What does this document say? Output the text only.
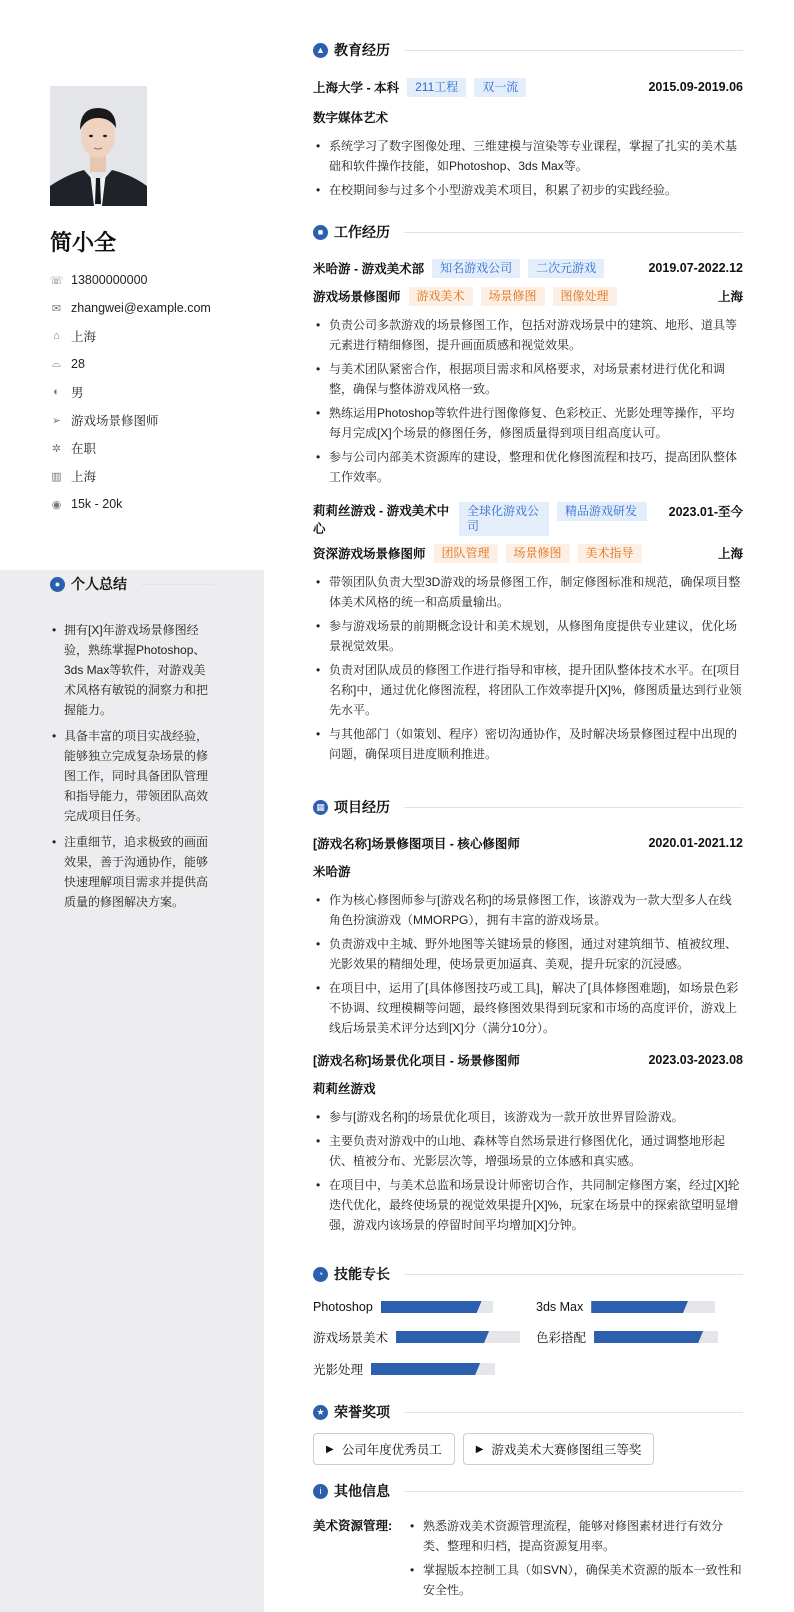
简小全
☏ 13800000000
✉ zhangwei@example.com
⌂ 上海
⌓ 28
◐ 男
➢ 游戏场景修图师
✲ 在职
▥ 上海
◉ 15k - 20k
● 个人总结
• 拥有[X]年游戏场景修图经验，熟练掌握Photoshop、3ds Max等软件，对游戏美术风格有敏锐的洞察力和把握能力。
• 具备丰富的项目实战经验，能够独立完成复杂场景的修图工作，同时具备团队管理和指导能力，带领团队高效完成项目任务。
• 注重细节，追求极致的画面效果，善于沟通协作，能够快速理解项目需求并提供高质量的修图解决方案。
▲ 教育经历
上海大学 - 本科	211工程	双一流	2015.09-2019.06
数字媒体艺术
• 系统学习了数字图像处理、三维建模与渲染等专业课程，掌握了扎实的美术基础和软件操作技能，如Photoshop、3ds Max等。
• 在校期间参与过多个小型游戏美术项目，积累了初步的实践经验。
■ 工作经历
米哈游 - 游戏美术部	知名游戏公司	二次元游戏	2019.07-2022.12
游戏场景修图师	游戏美术	场景修图	图像处理	上海
• 负责公司多款游戏的场景修图工作，包括对游戏场景中的建筑、地形、道具等元素进行精细修图，提升画面质感和视觉效果。
• 与美术团队紧密合作，根据项目需求和风格要求，对场景素材进行优化和调整，确保与整体游戏风格一致。
• 熟练运用Photoshop等软件进行图像修复、色彩校正、光影处理等操作，平均每月完成[X]个场景的修图任务，修图质量得到项目组高度认可。
• 参与公司内部美术资源库的建设，整理和优化修图流程和技巧，提高团队整体工作效率。
莉莉丝游戏 - 游戏美术中心
全球化游戏公司
精品游戏研发	2023.01-至今
资深游戏场景修图师	团队管理	场景修图	美术指导	上海
• 带领团队负责大型3D游戏的场景修图工作，制定修图标准和规范，确保项目整体美术风格的统一和高质量输出。
• 参与游戏场景的前期概念设计和美术规划，从修图角度提供专业建议，优化场景视觉效果。
• 负责对团队成员的修图工作进行指导和审核，提升团队整体技术水平。在[项目名称]中，通过优化修图流程，将团队工作效率提升[X]%，修图质量达到行业领先水平。
• 与其他部门（如策划、程序）密切沟通协作，及时解决场景修图过程中出现的问题，确保项目进度顺利推进。
▦ 项目经历
[游戏名称]场景修图项目 - 核心修图师	2020.01-2021.12
米哈游
• 作为核心修图师参与[游戏名称]的场景修图工作，该游戏为一款大型多人在线角色扮演游戏（MMORPG），拥有丰富的游戏场景。
• 负责游戏中主城、野外地图等关键场景的修图，通过对建筑细节、植被纹理、光影效果的精细处理，使场景更加逼真、美观，提升玩家的沉浸感。
• 在项目中，运用了[具体修图技巧或工具]，解决了[具体修图难题]，如场景色彩不协调、纹理模糊等问题，最终修图效果得到玩家和市场的高度评价，游戏上线后场景美术评分达到[X]分（满分10分）。
[游戏名称]场景优化项目 - 场景修图师	2023.03-2023.08
莉莉丝游戏
• 参与[游戏名称]的场景优化项目，该游戏为一款开放世界冒险游戏。
• 主要负责对游戏中的山地、森林等自然场景进行修图优化，通过调整地形起伏、植被分布、光影层次等，增强场景的立体感和真实感。
• 在项目中，与美术总监和场景设计师密切合作，共同制定修图方案，经过[X]轮迭代优化，最终使场景的视觉效果提升[X]%，玩家在场景中的探索欲望明显增强，游戏内该场景的停留时间平均增加[X]分钟。
◔ 技能专长
Photoshop	3ds Max
游戏场景美术	色彩搭配
光影处理
★ 荣誉奖项
▶ 公司年度优秀员工	▶ 游戏美术大赛修图组三等奖
i 其他信息
美术资源管理:
•	熟悉游戏美术资源管理流程，能够对修图素材进行有效分类、整理和归档，提高资源复用率。
• 掌握版本控制工具（如SVN），确保美术资源的版本一致性和安全性。
